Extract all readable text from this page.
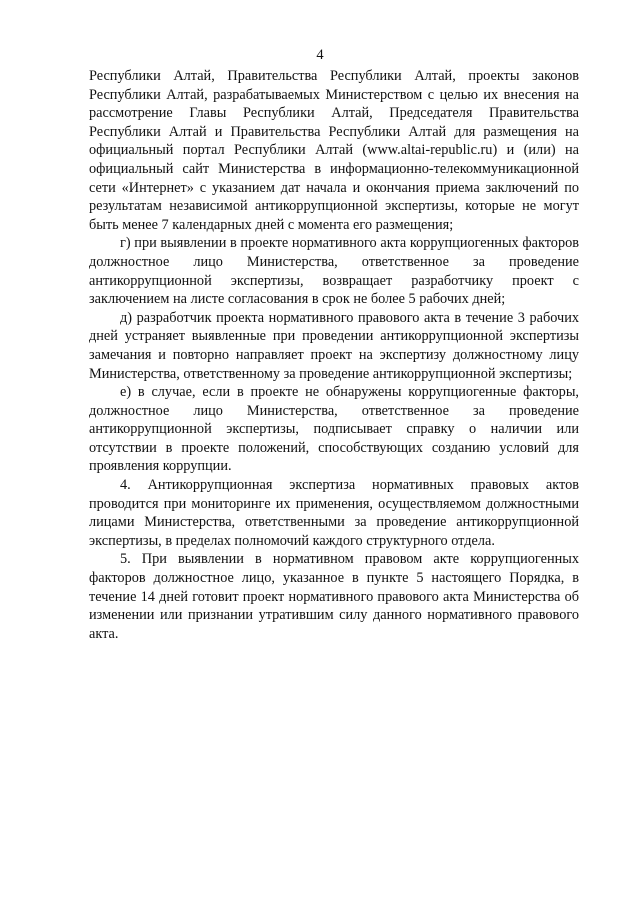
4

Республики Алтай, Правительства Республики Алтай, проекты законов Республики Алтай, разрабатываемых Министерством с целью их внесения на рассмотрение Главы Республики Алтай, Председателя Правительства Республики Алтай и Правительства Республики Алтай для размещения на официальный портал Республики Алтай (www.altai-republic.ru) и (или) на официальный сайт Министерства в информационно-телекоммуникационной сети «Интернет» с указанием дат начала и окончания приема заключений по результатам независимой антикоррупционной экспертизы, которые не могут быть менее 7 календарных дней с момента его размещения;

г) при выявлении в проекте нормативного акта коррупциогенных факторов должностное лицо Министерства, ответственное за проведение антикоррупционной экспертизы, возвращает разработчику проект с заключением на листе согласования в срок не более 5 рабочих дней;

д) разработчик проекта нормативного правового акта в течение 3 рабочих дней устраняет выявленные при проведении антикоррупционной экспертизы замечания и повторно направляет проект на экспертизу должностному лицу Министерства, ответственному за проведение антикоррупционной экспертизы;

е) в случае, если в проекте не обнаружены коррупциогенные факторы, должностное лицо Министерства, ответственное за проведение антикоррупционной экспертизы, подписывает справку о наличии или отсутствии в проекте положений, способствующих созданию условий для проявления коррупции.

4. Антикоррупционная экспертиза нормативных правовых актов проводится при мониторинге их применения, осуществляемом должностными лицами Министерства, ответственными за проведение антикоррупционной экспертизы, в пределах полномочий каждого структурного отдела.

5. При выявлении в нормативном правовом акте коррупциогенных факторов должностное лицо, указанное в пункте 5 настоящего Порядка, в течение 14 дней готовит проект нормативного правового акта Министерства об изменении или признании утратившим силу данного нормативного правового акта.
